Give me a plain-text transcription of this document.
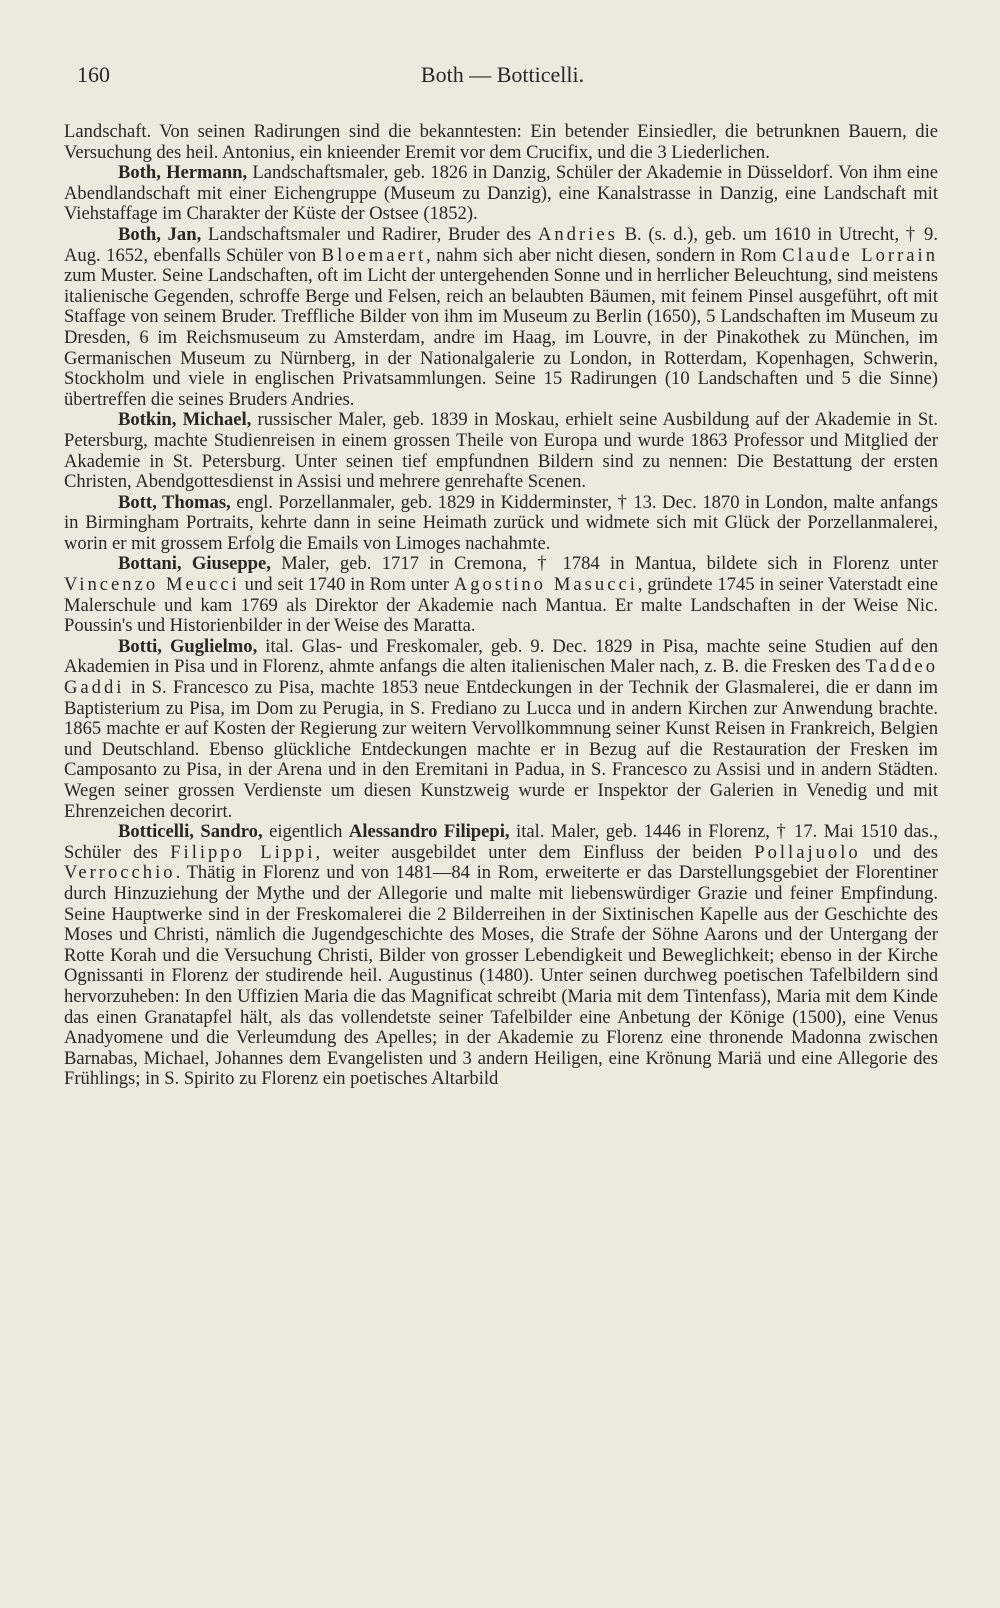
160	Both — Botticelli.

Landschaft. Von seinen Radirungen sind die bekanntesten: Ein betender Einsiedler, die betrunknen Bauern, die Versuchung des heil. Antonius, ein knieender Eremit vor dem Crucifix, und die 3 Liederlichen.

Both, Hermann, Landschaftsmaler, geb. 1826 in Danzig, Schüler der Akademie in Düsseldorf. Von ihm eine Abendlandschaft mit einer Eichengruppe (Museum zu Danzig), eine Kanalstrasse in Danzig, eine Landschaft mit Viehstaffage im Charakter der Küste der Ostsee (1852).

Both, Jan, Landschaftsmaler und Radirer, Bruder des Andries B. (s. d.), geb. um 1610 in Utrecht, † 9. Aug. 1652, ebenfalls Schüler von Bloemaert, nahm sich aber nicht diesen, sondern in Rom Claude Lorrain zum Muster. Seine Landschaften, oft im Licht der untergehenden Sonne und in herrlicher Beleuchtung, sind meistens italienische Gegenden, schroffe Berge und Felsen, reich an belaubten Bäumen, mit feinem Pinsel ausgeführt, oft mit Staffage von seinem Bruder. Treffliche Bilder von ihm im Museum zu Berlin (1650), 5 Landschaften im Museum zu Dresden, 6 im Reichsmuseum zu Amsterdam, andre im Haag, im Louvre, in der Pinakothek zu München, im Germanischen Museum zu Nürnberg, in der Nationalgalerie zu London, in Rotterdam, Kopenhagen, Schwerin, Stockholm und viele in englischen Privatsammlungen. Seine 15 Radirungen (10 Landschaften und 5 die Sinne) übertreffen die seines Bruders Andries.

Botkin, Michael, russischer Maler, geb. 1839 in Moskau, erhielt seine Ausbildung auf der Akademie in St. Petersburg, machte Studienreisen in einem grossen Theile von Europa und wurde 1863 Professor und Mitglied der Akademie in St. Petersburg. Unter seinen tief empfundnen Bildern sind zu nennen: Die Bestattung der ersten Christen, Abendgottesdienst in Assisi und mehrere genrehafte Scenen.

Bott, Thomas, engl. Porzellanmaler, geb. 1829 in Kidderminster, † 13. Dec. 1870 in London, malte anfangs in Birmingham Portraits, kehrte dann in seine Heimath zurück und widmete sich mit Glück der Porzellanmalerei, worin er mit grossem Erfolg die Emails von Limoges nachahmte.

Bottani, Giuseppe, Maler, geb. 1717 in Cremona, † 1784 in Mantua, bildete sich in Florenz unter Vincenzo Meucci und seit 1740 in Rom unter Agostino Masucci, gründete 1745 in seiner Vaterstadt eine Malerschule und kam 1769 als Direktor der Akademie nach Mantua. Er malte Landschaften in der Weise Nic. Poussin's und Historienbilder in der Weise des Maratta.

Botti, Guglielmo, ital. Glas- und Freskomaler, geb. 9. Dec. 1829 in Pisa, machte seine Studien auf den Akademien in Pisa und in Florenz, ahmte anfangs die alten italienischen Maler nach, z. B. die Fresken des Taddeo Gaddi in S. Francesco zu Pisa, machte 1853 neue Entdeckungen in der Technik der Glasmalerei, die er dann im Baptisterium zu Pisa, im Dom zu Perugia, in S. Frediano zu Lucca und in andern Kirchen zur Anwendung brachte. 1865 machte er auf Kosten der Regierung zur weitern Vervollkommnung seiner Kunst Reisen in Frankreich, Belgien und Deutschland. Ebenso glückliche Entdeckungen machte er in Bezug auf die Restauration der Fresken im Camposanto zu Pisa, in der Arena und in den Eremitani in Padua, in S. Francesco zu Assisi und in andern Städten. Wegen seiner grossen Verdienste um diesen Kunstzweig wurde er Inspektor der Galerien in Venedig und mit Ehrenzeichen decorirt.

Botticelli, Sandro, eigentlich Alessandro Filipepi, ital. Maler, geb. 1446 in Florenz, † 17. Mai 1510 das., Schüler des Filippo Lippi, weiter ausgebildet unter dem Einfluss der beiden Pollajuolo und des Verrocchio. Thätig in Florenz und von 1481—84 in Rom, erweiterte er das Darstellungsgebiet der Florentiner durch Hinzuziehung der Mythe und der Allegorie und malte mit liebenswürdiger Grazie und feiner Empfindung. Seine Hauptwerke sind in der Freskomalerei die 2 Bilderreihen in der Sixtinischen Kapelle aus der Geschichte des Moses und Christi, nämlich die Jugendgeschichte des Moses, die Strafe der Söhne Aarons und der Untergang der Rotte Korah und die Versuchung Christi, Bilder von grosser Lebendigkeit und Beweglichkeit; ebenso in der Kirche Ognissanti in Florenz der studirende heil. Augustinus (1480). Unter seinen durchweg poetischen Tafelbildern sind hervorzuheben: In den Uffizien Maria die das Magnificat schreibt (Maria mit dem Tintenfass), Maria mit dem Kinde das einen Granatapfel hält, als das vollendetste seiner Tafelbilder eine Anbetung der Könige (1500), eine Venus Anadyomene und die Verleumdung des Apelles; in der Akademie zu Florenz eine thronende Madonna zwischen Barnabas, Michael, Johannes dem Evangelisten und 3 andern Heiligen, eine Krönung Mariä und eine Allegorie des Frühlings; in S. Spirito zu Florenz ein poetisches Altarbild
